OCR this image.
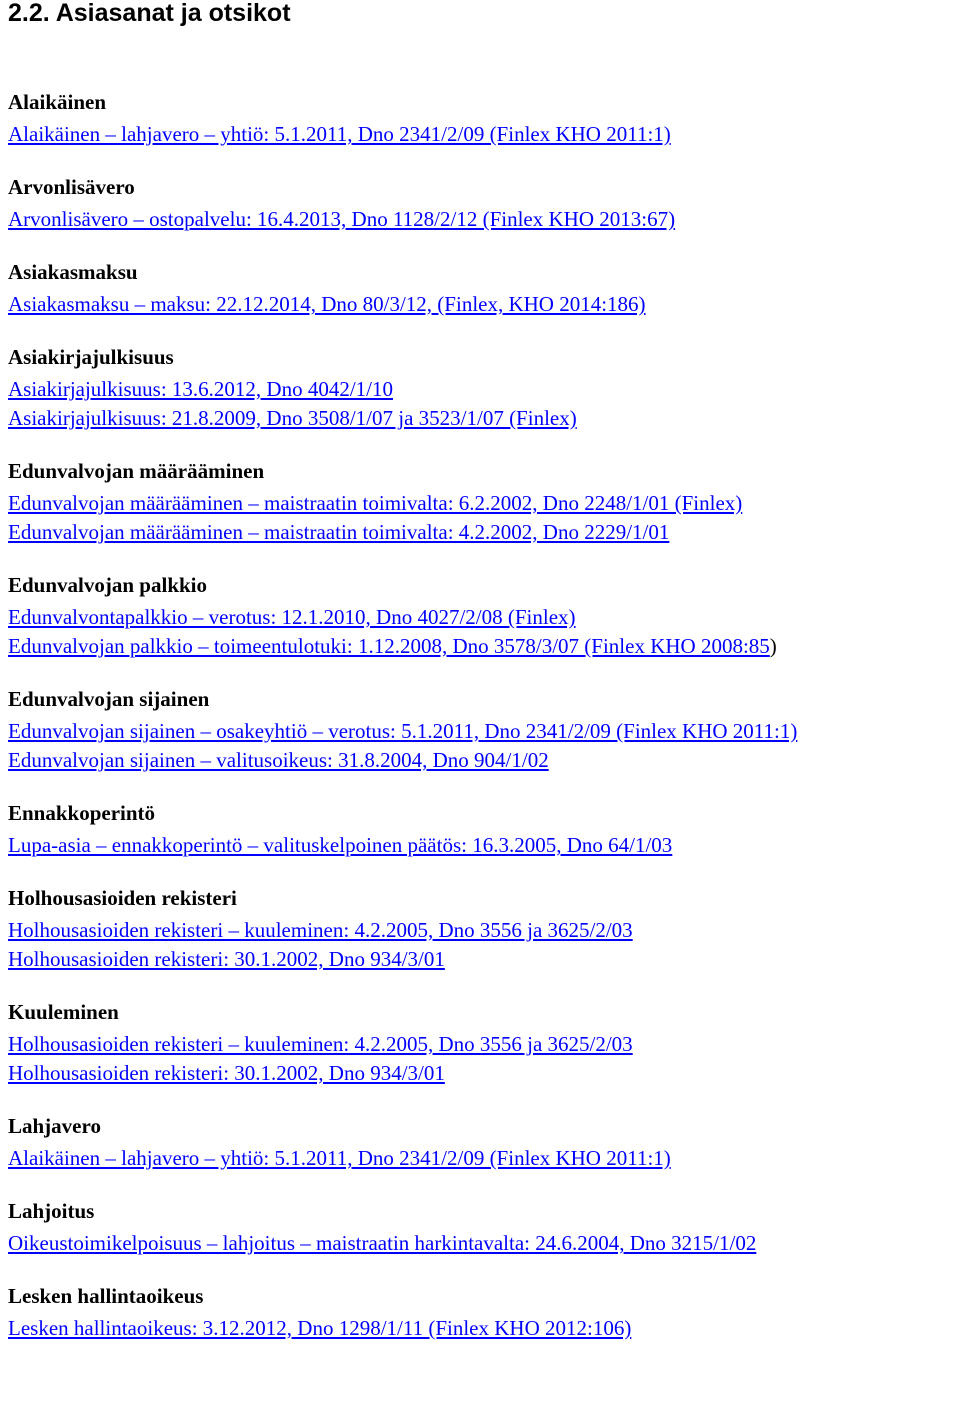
2.2. Asiasanat ja otsikot
Alaikäinen
Alaikäinen – lahjavero – yhtiö: 5.1.2011, Dno 2341/2/09 (Finlex KHO 2011:1)
Arvonlisävero
Arvonlisävero – ostopalvelu: 16.4.2013, Dno 1128/2/12 (Finlex KHO 2013:67)
Asiakasmaksu
Asiakasmaksu – maksu: 22.12.2014, Dno 80/3/12, (Finlex, KHO 2014:186)
Asiakirjajulkisuus
Asiakirjajulkisuus: 13.6.2012, Dno 4042/1/10
Asiakirjajulkisuus: 21.8.2009, Dno 3508/1/07 ja 3523/1/07 (Finlex)
Edunvalvojan määrääminen
Edunvalvojan määrääminen – maistraatin toimivalta: 6.2.2002, Dno 2248/1/01 (Finlex)
Edunvalvojan määrääminen – maistraatin toimivalta: 4.2.2002, Dno 2229/1/01
Edunvalvojan palkkio
Edunvalvontapalkkio – verotus: 12.1.2010, Dno 4027/2/08 (Finlex)
Edunvalvojan palkkio – toimeentulotuki: 1.12.2008, Dno 3578/3/07 (Finlex KHO 2008:85)
Edunvalvojan sijainen
Edunvalvojan sijainen – osakeyhtiö – verotus: 5.1.2011, Dno 2341/2/09 (Finlex KHO 2011:1)
Edunvalvojan sijainen – valitusoikeus: 31.8.2004, Dno 904/1/02
Ennakkoperintö
Lupa-asia – ennakkoperintö – valituskelpoinen päätös: 16.3.2005, Dno 64/1/03
Holhousasioiden rekisteri
Holhousasioiden rekisteri – kuuleminen: 4.2.2005, Dno 3556 ja 3625/2/03
Holhousasioiden rekisteri: 30.1.2002, Dno 934/3/01
Kuuleminen
Holhousasioiden rekisteri – kuuleminen: 4.2.2005, Dno 3556 ja 3625/2/03
Holhousasioiden rekisteri: 30.1.2002, Dno 934/3/01
Lahjavero
Alaikäinen – lahjavero – yhtiö: 5.1.2011, Dno 2341/2/09 (Finlex KHO 2011:1)
Lahjoitus
Oikeustoimikelpoisuus – lahjoitus – maistraatin harkintavalta: 24.6.2004, Dno 3215/1/02
Lesken hallintaoikeus
Lesken hallintaoikeus: 3.12.2012, Dno 1298/1/11 (Finlex KHO 2012:106)
